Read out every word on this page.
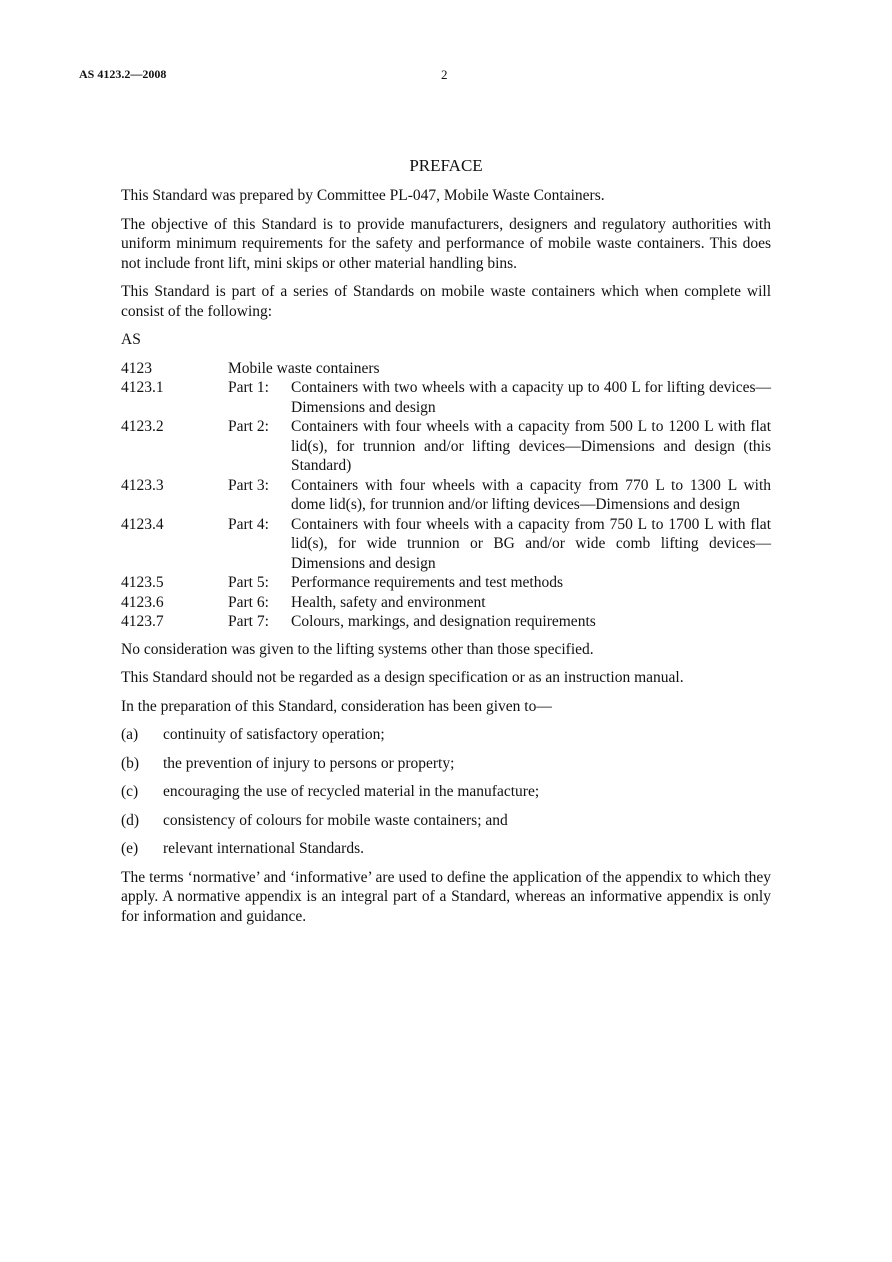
AS 4123.2—2008	2
PREFACE

This Standard was prepared by Committee PL-047, Mobile Waste Containers.

The objective of this Standard is to provide manufacturers, designers and regulatory authorities with uniform minimum requirements for the safety and performance of mobile waste containers. This does not include front lift, mini skips or other material handling bins.

This Standard is part of a series of Standards on mobile waste containers which when complete will consist of the following:

AS
4123	Mobile waste containers
4123.1	Part 1:	Containers with two wheels with a capacity up to 400 L for lifting devices—Dimensions and design
4123.2	Part 2:	Containers with four wheels with a capacity from 500 L to 1200 L with flat lid(s), for trunnion and/or lifting devices—Dimensions and design (this Standard)
4123.3	Part 3:	Containers with four wheels with a capacity from 770 L to 1300 L with dome lid(s), for trunnion and/or lifting devices—Dimensions and design
4123.4	Part 4:	Containers with four wheels with a capacity from 750 L to 1700 L with flat lid(s), for wide trunnion or BG and/or wide comb lifting devices—Dimensions and design
4123.5	Part 5:	Performance requirements and test methods
4123.6	Part 6:	Health, safety and environment
4123.7	Part 7:	Colours, markings, and designation requirements

No consideration was given to the lifting systems other than those specified.

This Standard should not be regarded as a design specification or as an instruction manual.

In the preparation of this Standard, consideration has been given to—

(a)	continuity of satisfactory operation;
(b)	the prevention of injury to persons or property;
(c)	encouraging the use of recycled material in the manufacture;
(d)	consistency of colours for mobile waste containers; and
(e)	relevant international Standards.

The terms ‘normative’ and ‘informative’ are used to define the application of the appendix to which they apply. A normative appendix is an integral part of a Standard, whereas an informative appendix is only for information and guidance.
